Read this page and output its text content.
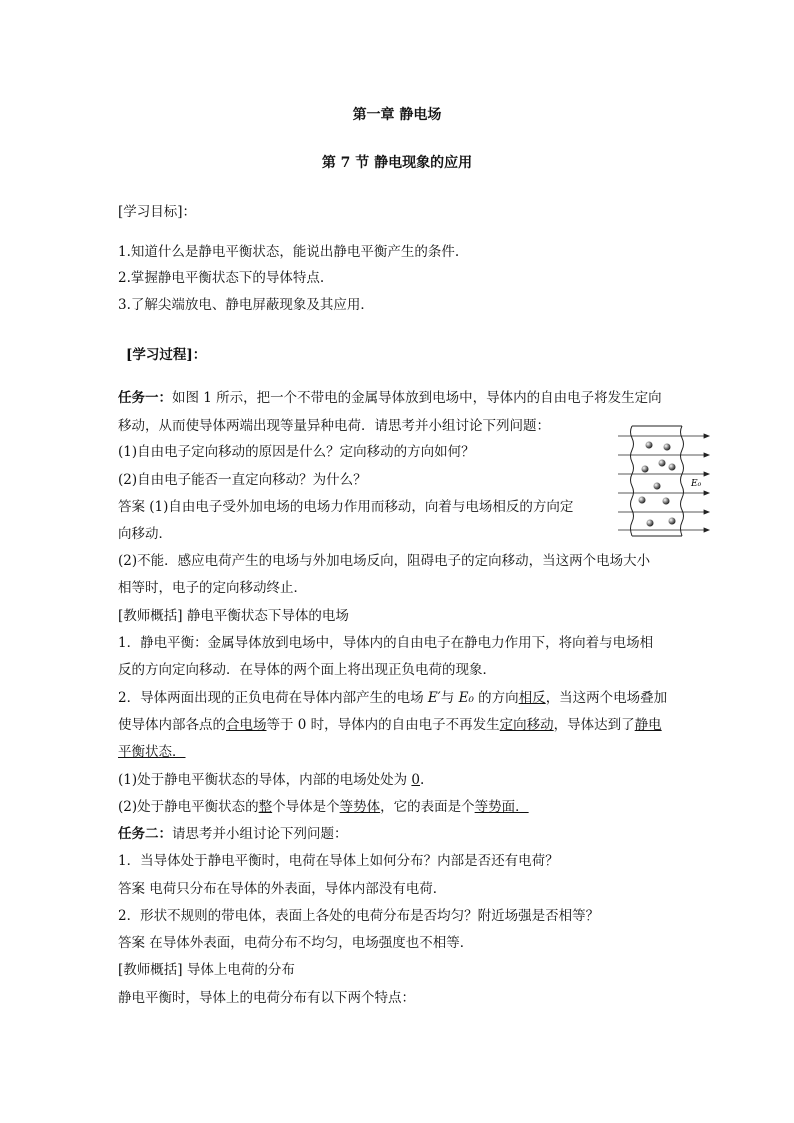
第一章 静电场
第 7 节 静电现象的应用
[学习目标]：
1.知道什么是静电平衡状态，能说出静电平衡产生的条件.
2.掌握静电平衡状态下的导体特点.
3.了解尖端放电、静电屏蔽现象及其应用．
[学习过程]：
任务一：如图 1 所示，把一个不带电的金属导体放到电场中，导体内的自由电子将发生定向
移动，从而使导体两端出现等量异种电荷．请思考并小组讨论下列问题：
(1)自由电子定向移动的原因是什么？定向移动的方向如何？
(2)自由电子能否一直定向移动？为什么？
答案 (1)自由电子受外加电场的电场力作用而移动，向着与电场相反的方向定
向移动．
(2)不能．感应电荷产生的电场与外加电场反向，阻碍电子的定向移动，当这两个电场大小
相等时，电子的定向移动终止．
E₀
[教师概括] 静电平衡状态下导体的电场
1．静电平衡：金属导体放到电场中，导体内的自由电子在静电力作用下，将向着与电场相
反的方向定向移动．在导体的两个面上将出现正负电荷的现象．
2．导体两面出现的正负电荷在导体内部产生的电场 E′与 E₀ 的方向相反，当这两个电场叠加
使导体内部各点的合电场等于 0 时，导体内的自由电子不再发生定向移动，导体达到了静电
平衡状态．
(1)处于静电平衡状态的导体，内部的电场处处为 0.
(2)处于静电平衡状态的整个导体是个等势体，它的表面是个等势面．
任务二：请思考并小组讨论下列问题：
1．当导体处于静电平衡时，电荷在导体上如何分布？内部是否还有电荷？
答案 电荷只分布在导体的外表面，导体内部没有电荷．
2．形状不规则的带电体，表面上各处的电荷分布是否均匀？附近场强是否相等？
答案 在导体外表面，电荷分布不均匀，电场强度也不相等．
[教师概括] 导体上电荷的分布
静电平衡时，导体上的电荷分布有以下两个特点：
